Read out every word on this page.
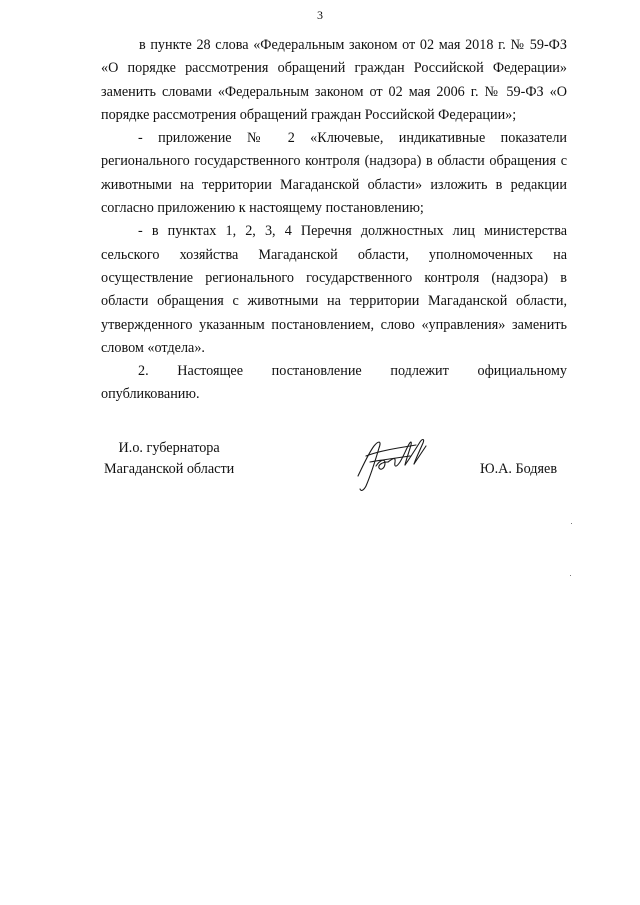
3

в пункте 28 слова «Федеральным законом от 02 мая 2018 г. № 59-ФЗ «О порядке рассмотрения обращений граждан Российской Федерации» заменить словами «Федеральным законом от 02 мая 2006 г. № 59-ФЗ «О порядке рассмотрения обращений граждан Российской Федерации»;

- приложение № 2 «Ключевые, индикативные показатели регионального государственного контроля (надзора) в области обращения с животными на территории Магаданской области» изложить в редакции согласно приложению к настоящему постановлению;

- в пунктах 1, 2, 3, 4 Перечня должностных лиц министерства сельского хозяйства Магаданской области, уполномоченных на осуществление регионального государственного контроля (надзора) в области обращения с животными на территории Магаданской области, утвержденного указанным постановлением, слово «управления» заменить словом «отдела».

2. Настоящее постановление подлежит официальному опубликованию.

И.о. губернатора
Магаданской области	Ю.А. Бодяев
